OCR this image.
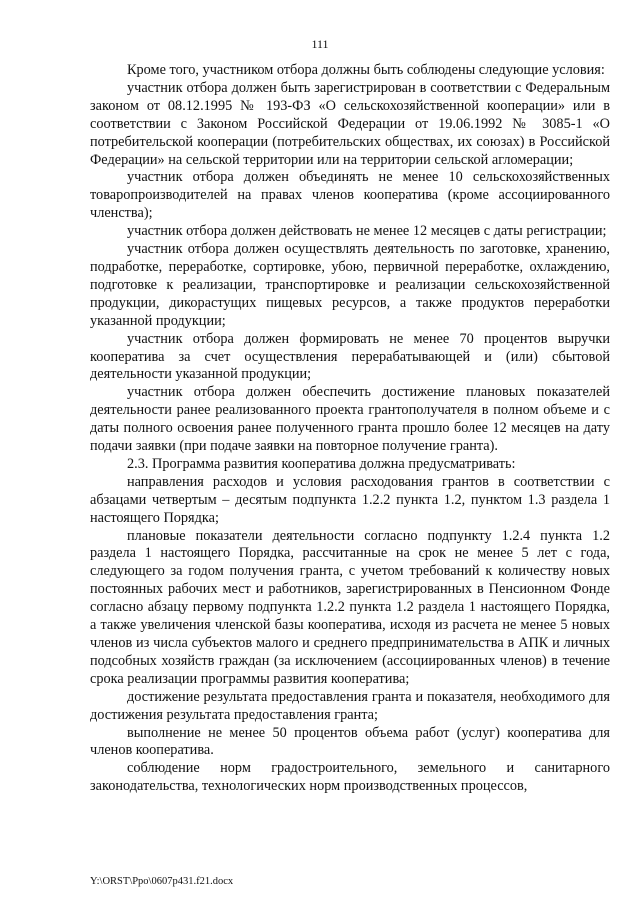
111

Кроме того, участником отбора должны быть соблюдены следующие условия:

участник отбора должен быть зарегистрирован в соответствии с Федеральным законом от 08.12.1995 № 193-ФЗ «О сельскохозяйственной кооперации» или в соответствии с Законом Российской Федерации от 19.06.1992 № 3085-1 «О потребительской кооперации (потребительских обществах, их союзах) в Российской Федерации» на сельской территории или на территории сельской агломерации;

участник отбора должен объединять не менее 10 сельскохозяйственных товаропроизводителей на правах членов кооператива (кроме ассоциированного членства);

участник отбора должен действовать не менее 12 месяцев с даты регистрации;

участник отбора должен осуществлять деятельность по заготовке, хранению, подработке, переработке, сортировке, убою, первичной переработке, охлаждению, подготовке к реализации, транспортировке и реализации сельскохозяйственной продукции, дикорастущих пищевых ресурсов, а также продуктов переработки указанной продукции;

участник отбора должен формировать не менее 70 процентов выручки кооператива за счет осуществления перерабатывающей и (или) сбытовой деятельности указанной продукции;

участник отбора должен обеспечить достижение плановых показателей деятельности ранее реализованного проекта грантополучателя в полном объеме и с даты полного освоения ранее полученного гранта прошло более 12 месяцев на дату подачи заявки (при подаче заявки на повторное получение гранта).

2.3. Программа развития кооператива должна предусматривать:

направления расходов и условия расходования грантов в соответствии с абзацами четвертым – десятым подпункта 1.2.2 пункта 1.2, пунктом 1.3 раздела 1 настоящего Порядка;

плановые показатели деятельности согласно подпункту 1.2.4 пункта 1.2 раздела 1 настоящего Порядка, рассчитанные на срок не менее 5 лет с года, следующего за годом получения гранта, с учетом требований к количеству новых постоянных рабочих мест и работников, зарегистрированных в Пенсионном Фонде согласно абзацу первому подпункта 1.2.2 пункта 1.2 раздела 1 настоящего Порядка, а также увеличения членской базы кооператива, исходя из расчета не менее 5 новых членов из числа субъектов малого и среднего предпринимательства в АПК и личных подсобных хозяйств граждан (за исключением (ассоциированных членов) в течение срока реализации программы развития кооператива;

достижение результата предоставления гранта и показателя, необходимого для достижения результата предоставления гранта;

выполнение не менее 50 процентов объема работ (услуг) кооператива для членов кооператива.

соблюдение норм градостроительного, земельного и санитарного законодательства, технологических норм производственных процессов,

Y:\ORST\Ppo\0607p431.f21.docx
